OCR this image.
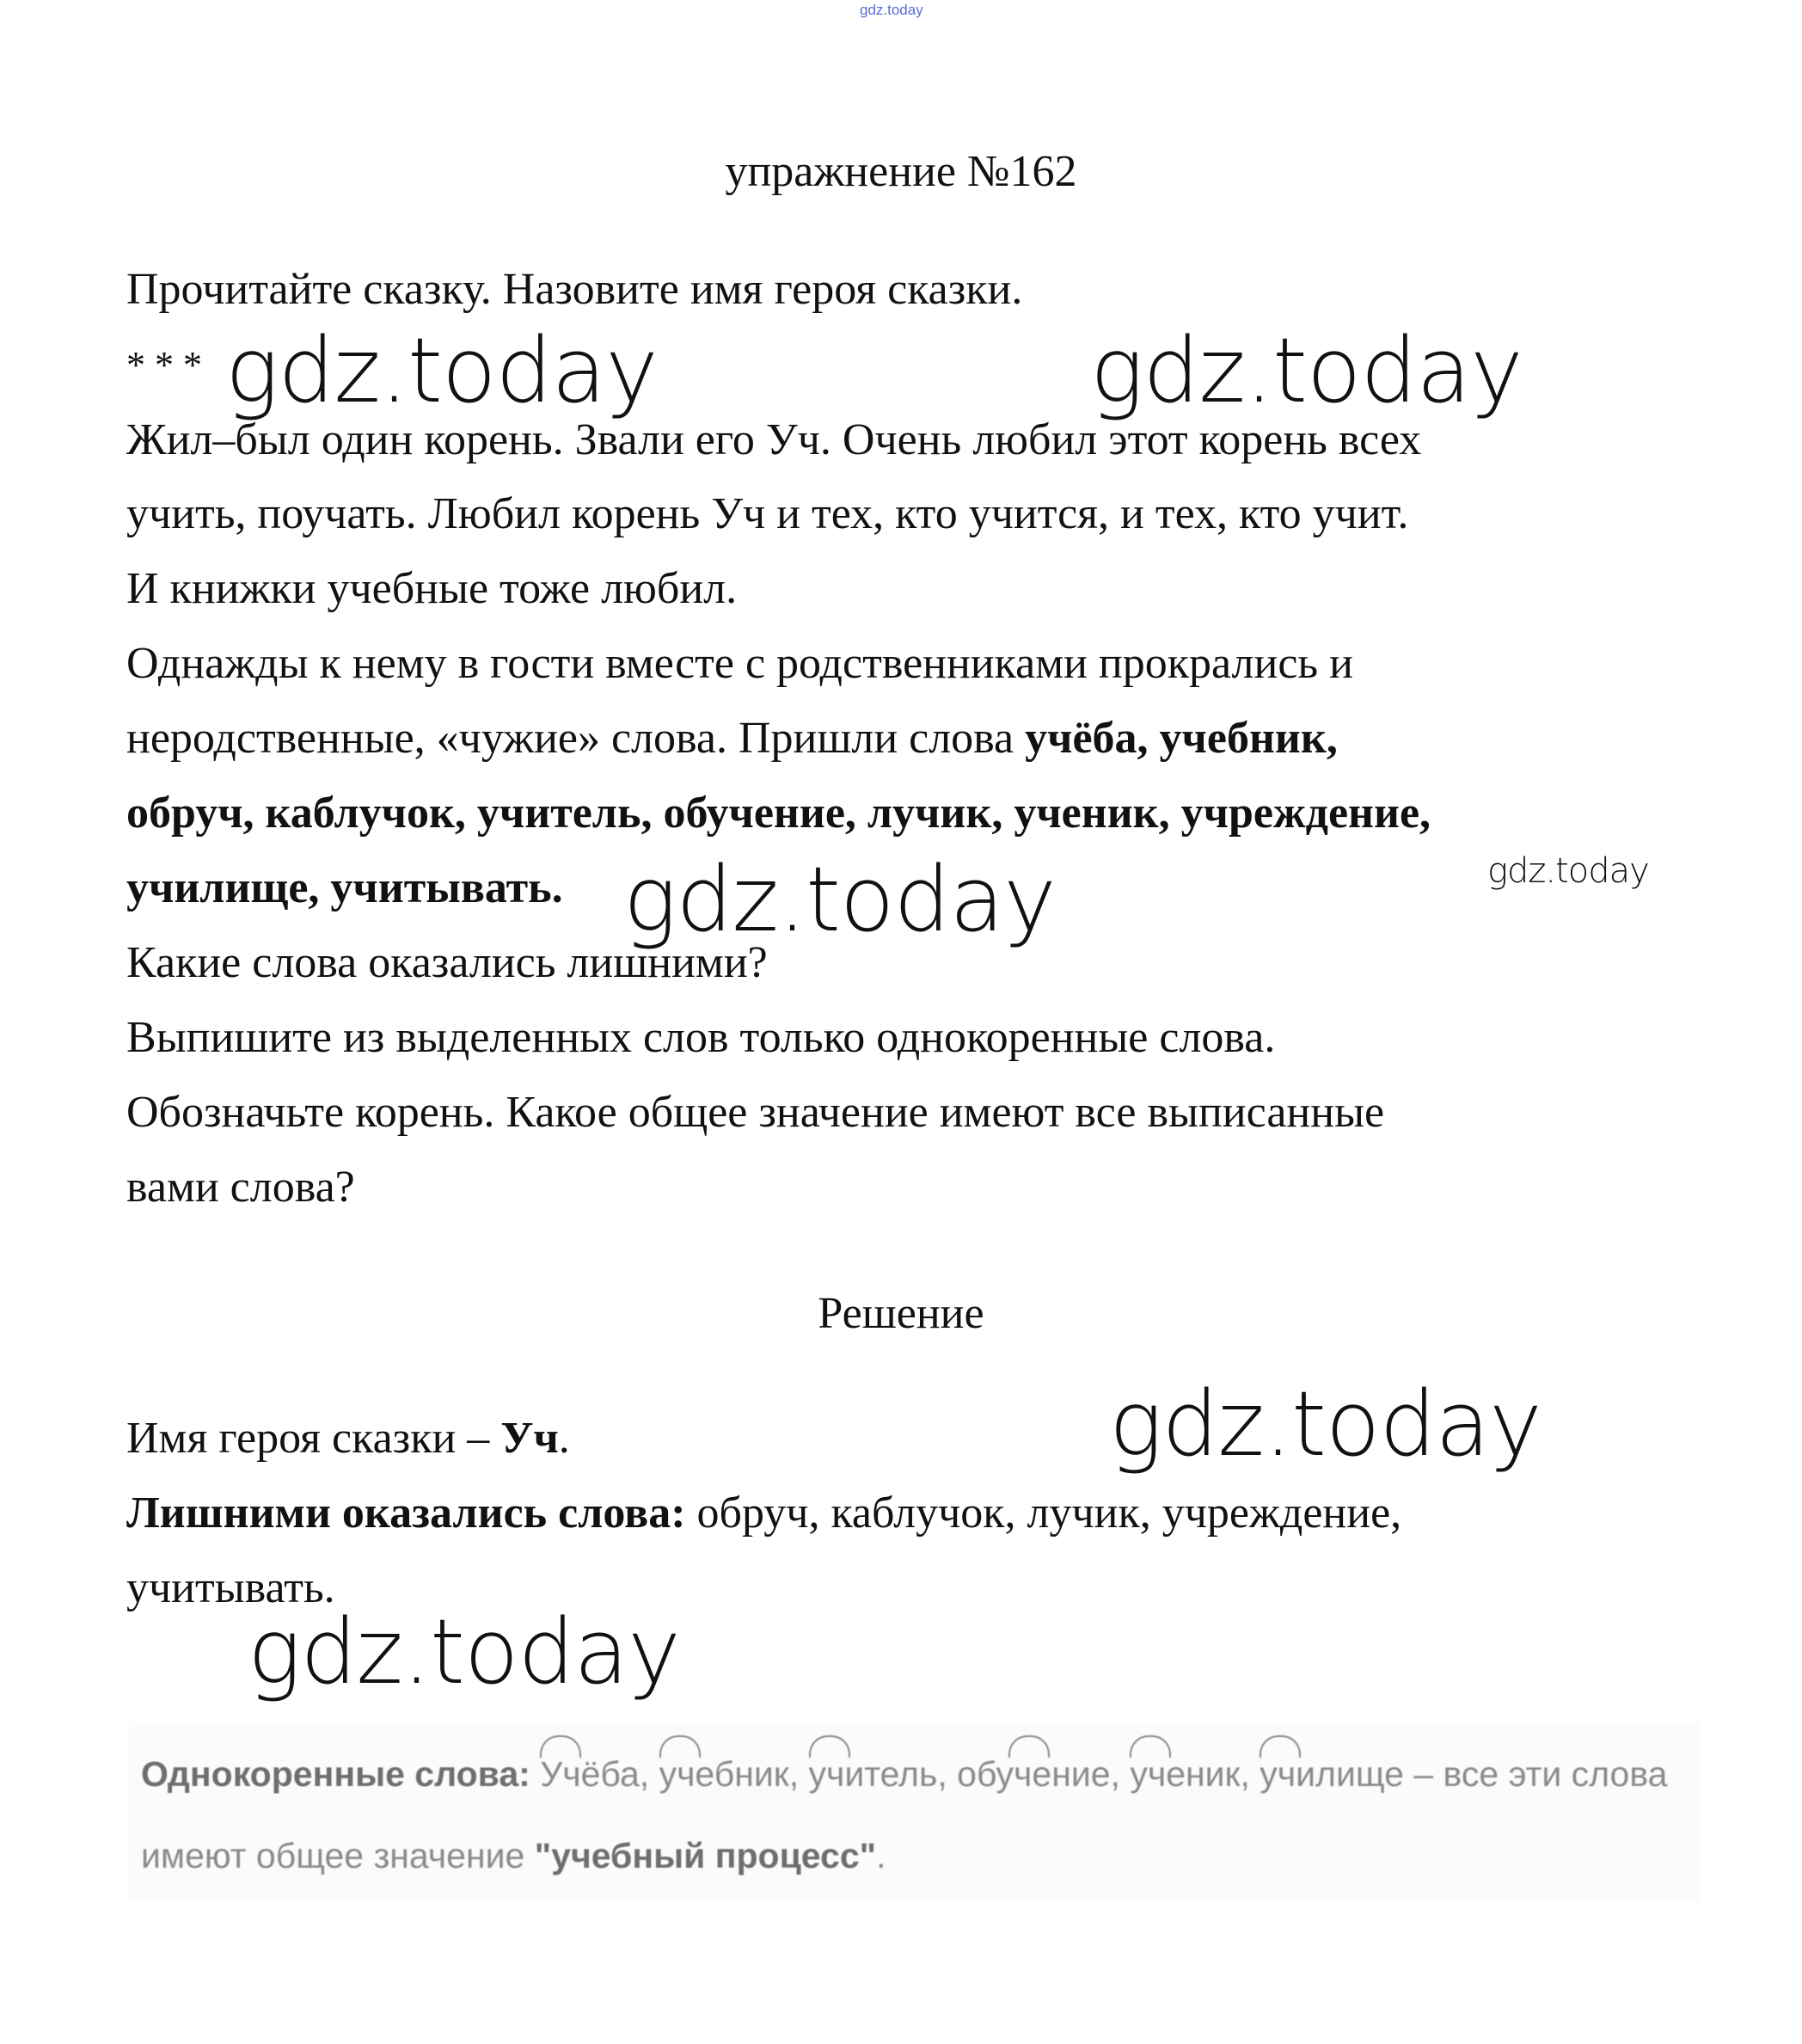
gdz.today
упражнение №162
Прочитайте сказку. Назовите имя героя сказки.
* * * gdz.today	gdz.today
Жил–был один корень. Звали его Уч. Очень любил этот корень всех
учить, поучать. Любил корень Уч и тех, кто учится, и тех, кто учит.
И книжки учебные тоже любил.
Однажды к нему в гости вместе с родственниками прокрались и
неродственные, «чужие» слова. Пришли слова учёба, учебник,
обруч, каблучок, учитель, обучение, лучик, ученик, учреждение,
училище, учитывать. gdz.today	gdz.today
Какие слова оказались лишними?
Выпишите из выделенных слов только однокоренные слова.
Обозначьте корень. Какое общее значение имеют все выписанные
вами слова?
Решение
Имя героя сказки – Уч.	gdz.today
Лишними оказались слова: обруч, каблучок, лучик, учреждение,
учитывать.
gdz.today
Однокоренные слова: Учёба, учебник, учитель, обучение, ученик, училище – все эти слова
имеют общее значение "учебный процесс".
